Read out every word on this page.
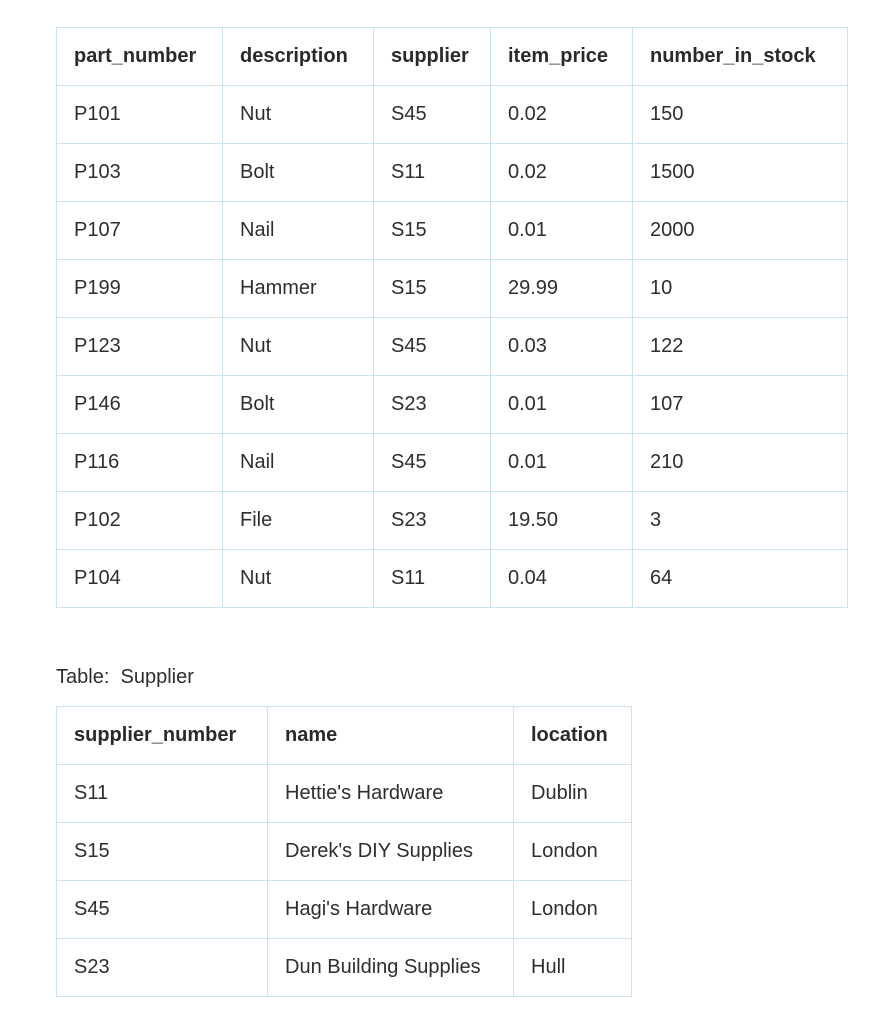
part_number	description	supplier	item_price	number_in_stock
P101	Nut	S45	0.02	150
P103	Bolt	S11	0.02	1500
P107	Nail	S15	0.01	2000
P199	Hammer	S15	29.99	10
P123	Nut	S45	0.03	122
P146	Bolt	S23	0.01	107
P116	Nail	S45	0.01	210
P102	File	S23	19.50	3
P104	Nut	S11	0.04	64
Table:  Supplier
supplier_number	name	location
S11	Hettie's Hardware	Dublin
S15	Derek's DIY Supplies	London
S45	Hagi's Hardware	London
S23	Dun Building Supplies	Hull
